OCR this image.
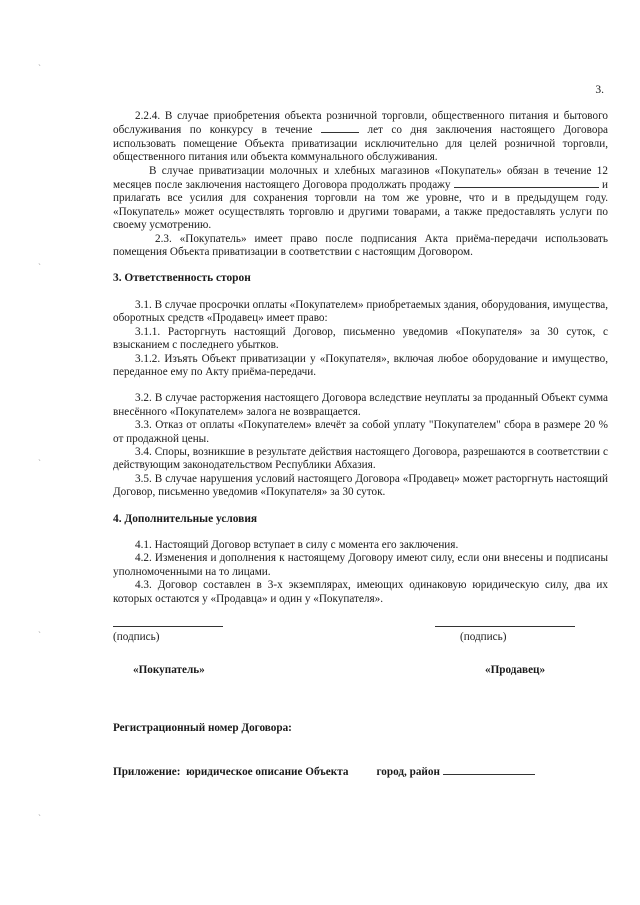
3.
ˋ
ˋ
ˋ
ˋ
ˋ

2.2.4. В случае приобретения объекта розничной торговли, общественного питания и бытового обслуживания по конкурсу в течение	лет со дня заключения настоящего Договора использовать помещение Объекта приватизации исключительно для целей розничной торговли, общественного питания или объекта коммунального обслуживания.

В случае приватизации молочных и хлебных магазинов «Покупатель» обязан в течение 12 месяцев после заключения настоящего Договора продолжать продажу	и прилагать все усилия для сохранения торговли на том же уровне, что и в предыдущем году. «Покупатель» может осуществлять торговлю и другими товарами, а также предоставлять услуги по своему усмотрению.

2.3. «Покупатель» имеет право после подписания Акта приёма-передачи использовать помещения Объекта приватизации в соответствии с настоящим Договором.

3. Ответственность сторон

3.1. В случае просрочки оплаты «Покупателем» приобретаемых здания, оборудования, имущества, оборотных средств «Продавец» имеет право:

3.1.1. Расторгнуть настоящий Договор, письменно уведомив «Покупателя» за 30 суток, с взысканием с последнего убытков.

3.1.2. Изъять Объект приватизации у «Покупателя», включая любое оборудование и имущество, переданное ему по Акту приёма-передачи.

3.2. В случае расторжения настоящего Договора вследствие неуплаты за проданный Объект сумма внесённого «Покупателем» залога не возвращается.

3.3. Отказ от оплаты «Покупателем» влечёт за собой уплату "Покупателем" сбора в размере 20 % от продажной цены.

3.4. Споры, возникшие в результате действия настоящего Договора, разрешаются в соответствии с действующим законодательством Республики Абхазия.

3.5. В случае нарушения условий настоящего Договора «Продавец» может расторгнуть настоящий Договор, письменно уведомив «Покупателя» за 30 суток.

4. Дополнительные условия

4.1. Настоящий Договор вступает в силу с момента его заключения.

4.2. Изменения и дополнения к настоящему Договору имеют силу, если они внесены и подписаны уполномоченными на то лицами.

4.3. Договор составлен в 3-х экземплярах, имеющих одинаковую юридическую силу, два их которых остаются у «Продавца» и один у «Покупателя».

(подпись)	(подпись)
«Покупатель»	«Продавец»
Регистрационный номер Договора:
Приложение: юридическое описание Объекта	город, район
